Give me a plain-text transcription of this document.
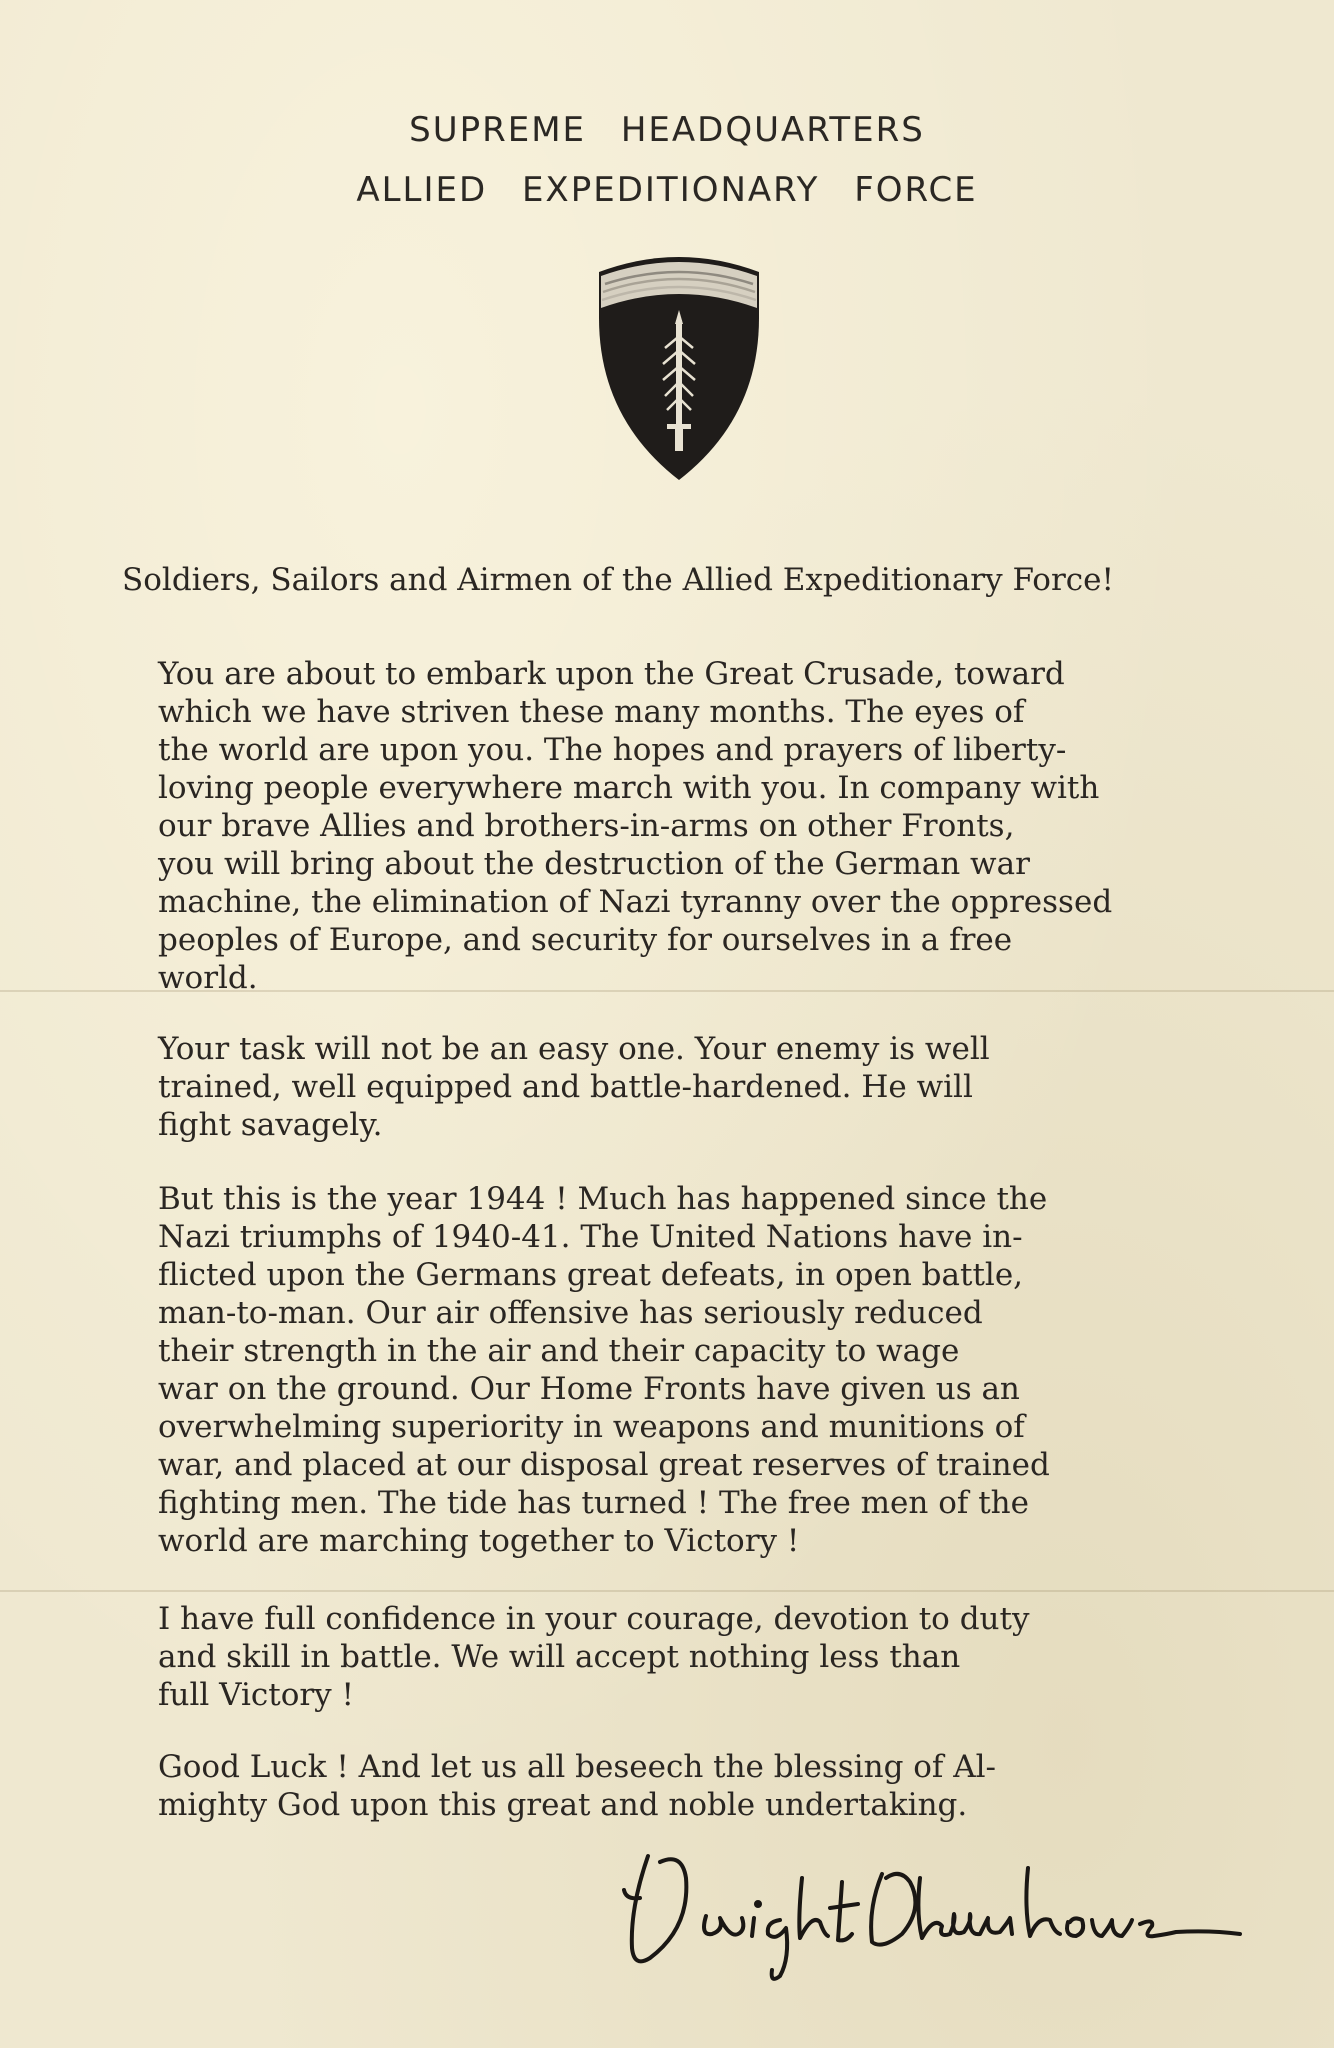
SUPREME HEADQUARTERS
ALLIED EXPEDITIONARY FORCE
Soldiers, Sailors and Airmen of the Allied Expeditionary Force!
You are about to embark upon the Great Crusade, toward
which we have striven these many months. The eyes of
the world are upon you. The hopes and prayers of liberty-
loving people everywhere march with you. In company with
our brave Allies and brothers-in-arms on other Fronts,
you will bring about the destruction of the German war
machine, the elimination of Nazi tyranny over the oppressed
peoples of Europe, and security for ourselves in a free
world.
Your task will not be an easy one. Your enemy is well
trained, well equipped and battle-hardened. He will
fight savagely.
But this is the year 1944 ! Much has happened since the
Nazi triumphs of 1940-41. The United Nations have in-
flicted upon the Germans great defeats, in open battle,
man-to-man. Our air offensive has seriously reduced
their strength in the air and their capacity to wage
war on the ground. Our Home Fronts have given us an
overwhelming superiority in weapons and munitions of
war, and placed at our disposal great reserves of trained
fighting men. The tide has turned ! The free men of the
world are marching together to Victory !
I have full confidence in your courage, devotion to duty
and skill in battle. We will accept nothing less than
full Victory !
Good Luck ! And let us all beseech the blessing of Al-
mighty God upon this great and noble undertaking.
